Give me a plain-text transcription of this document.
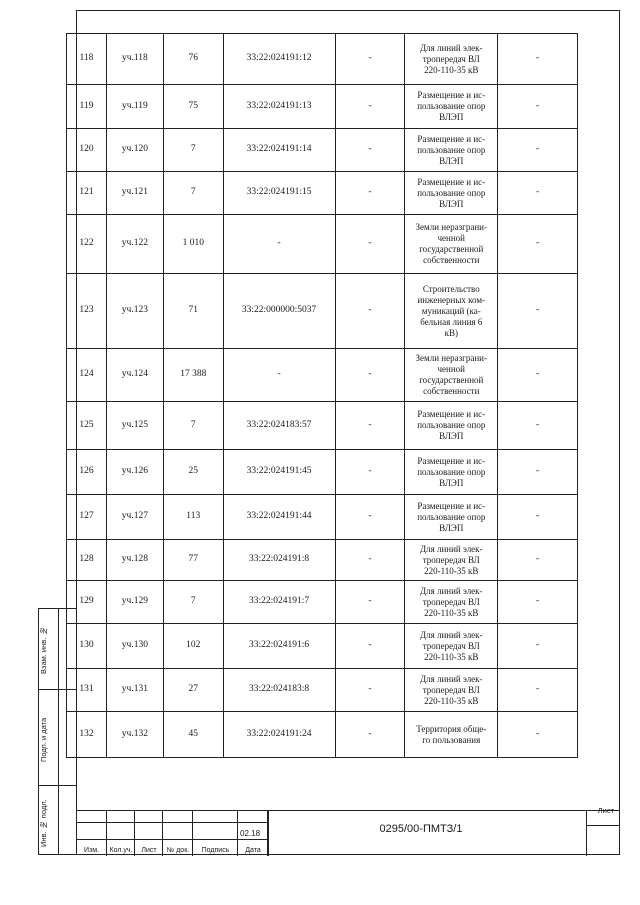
Взам. инв. №
Подп. и дата
Инв. № подл.
118	уч.118	76	33:22:024191:12	-	Для линий элек-
тропередач ВЛ
220-110-35 кВ	-
119	уч.119	75	33:22:024191:13	-	Размещение и ис-
пользование опор
ВЛЭП	-
120	уч.120	7	33:22:024191:14	-	Размещение и ис-
пользование опор
ВЛЭП	-
121	уч.121	7	33:22:024191:15	-	Размещение и ис-
пользование опор
ВЛЭП	-
122	уч.122	1 010	-	-	Земли неразграни-
ченной
государственной
собственности	-
123	уч.123	71	33:22:000000:5037	-	Строительство
инженерных ком-
муникаций (ка-
бельная линия 6
кВ)	-
124	уч.124	17 388	-	-	Земли неразграни-
ченной
государственной
собственности	-
125	уч.125	7	33:22:024183:57	-	Размещение и ис-
пользование опор
ВЛЭП	-
126	уч.126	25	33:22:024191:45	-	Размещение и ис-
пользование опор
ВЛЭП	-
127	уч.127	113	33:22:024191:44	-	Размещение и ис-
пользование опор
ВЛЭП	-
128	уч.128	77	33:22:024191:8	-	Для линий элек-
тропередач ВЛ
220-110-35 кВ	-
129	уч.129	7	33:22:024191:7	-	Для линий элек-
тропередач ВЛ
220-110-35 кВ	-
130	уч.130	102	33:22:024191:6	-	Для линий элек-
тропередач ВЛ
220-110-35 кВ	-
131	уч.131	27	33:22:024183:8	-	Для линий элек-
тропередач ВЛ
220-110-35 кВ	-
132	уч.132	45	33:22:024191:24	-	Территория обще-
го пользования	-
Изм.	Кол.уч.	Лист	№ док.	Подпись	Дата
02.18	0295/00-ПМТЗ/1
Лист
